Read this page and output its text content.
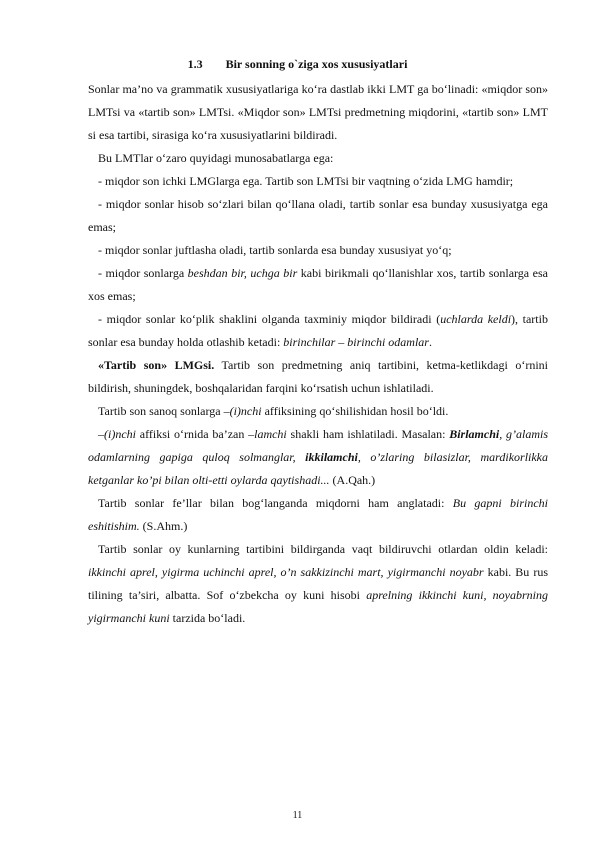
1.3 Bir sonning o`ziga xos xususiyatlari

Sonlar ma’no va grammatik xususiyatlariga ko‘ra dastlab ikki LMT ga bo‘linadi: «miqdor son» LMTsi va «tartib son» LMTsi. «Miqdor son» LMTsi predmetning miqdorini, «tartib son» LMT si esa tartibi, sirasiga ko‘ra xususiyatlarini bildiradi.

Bu LMTlar o‘zaro quyidagi munosabatlarga ega:

- miqdor son ichki LMGlarga ega. Tartib son LMTsi bir vaqtning o‘zida LMG hamdir;

- miqdor sonlar hisob so‘zlari bilan qo‘llana oladi, tartib sonlar esa bunday xususiyatga ega emas;

- miqdor sonlar juftlasha oladi, tartib sonlarda esa bunday xususiyat yo‘q;

- miqdor sonlarga beshdan bir, uchga bir kabi birikmali qo‘llanishlar xos, tartib sonlarga esa xos emas;

- miqdor sonlar ko‘plik shaklini olganda taxminiy miqdor bildiradi (uchlarda keldi), tartib sonlar esa bunday holda otlashib ketadi: birinchilar – birinchi odamlar.

«Tartib son» LMGsi. Tartib son predmetning aniq tartibini, ketma-ketlikdagi o‘rnini bildirish, shuningdek, boshqalaridan farqini ko‘rsatish uchun ishlatiladi.

Tartib son sanoq sonlarga –(i)nchi affiksining qo‘shilishidan hosil bo‘ldi.

–(i)nchi affiksi o‘rnida ba’zan –lamchi shakli ham ishlatiladi. Masalan: Birlamchi, g’alamis odamlarning gapiga quloq solmanglar, ikkilamchi, o’zlaring bilasizlar, mardikorlikka ketganlar ko’pi bilan olti-etti oylarda qaytishadi... (A.Qah.)

Tartib sonlar fe’llar bilan bog‘langanda miqdorni ham anglatadi: Bu gapni birinchi eshitishim. (S.Ahm.)

Tartib sonlar oy kunlarning tartibini bildirganda vaqt bildiruvchi otlardan oldin keladi: ikkinchi aprel, yigirma uchinchi aprel, o’n sakkizinchi mart, yigirmanchi noyabr kabi. Bu rus tilining ta’siri, albatta. Sof o‘zbekcha oy kuni hisobi aprelning ikkinchi kuni, noyabrning yigirmanchi kuni tarzida bo‘ladi.

11
